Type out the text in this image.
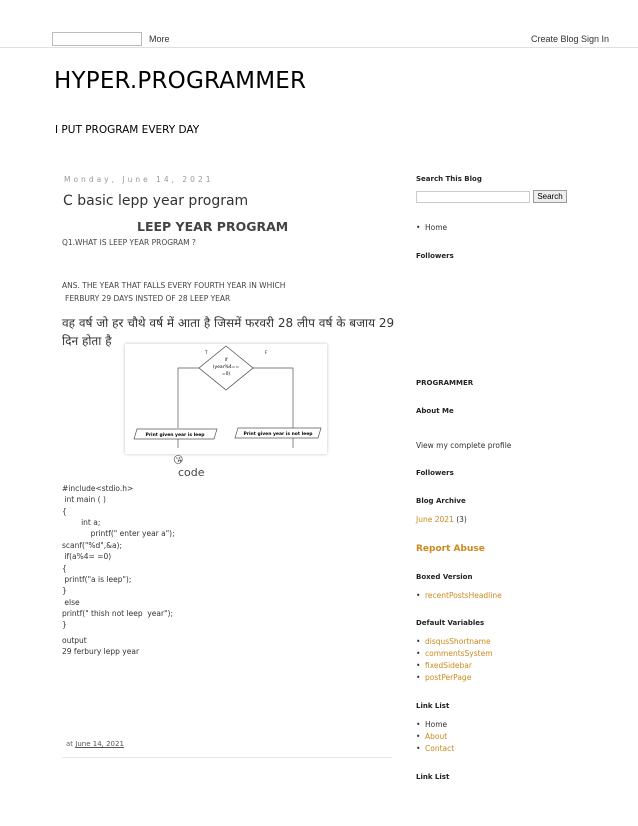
More	Create Blog Sign In
HYPER.PROGRAMMER
I PUT PROGRAM EVERY DAY
Monday, June 14, 2021
C basic lepp year program
LEEP YEAR PROGRAM
Q1.WHAT IS LEEP YEAR PROGRAM ?
ANS. THE YEAR THAT FALLS EVERY FOURTH YEAR IN WHICH
FERBURY 29 DAYS INSTED OF 28 LEEP YEAR
वह वर्ष जो हर चौथे वर्ष में आता है जिसमें फरवरी 28 लीप वर्ष के बजाय 29 दिन होता है
if
(year%4==
=0)
T	F
Print given year is leep	Print given year is not leep
😘
code
#include<stdio.h>
int main ( )
{
int a;
printf(" enter year a");
scanf("%d",&a);
if(a%4= =0)
{
printf("a is leep");
}
else
printf(" thish not leep  year");
}
output
29 ferbury lepp year
at June 14, 2021
Search This Blog
Search
• Home
Followers
PROGRAMMER
About Me
View my complete profile
Followers
Blog Archive
June 2021 (3)
Report Abuse
Boxed Version
• recentPostsHeadline
Default Variables
• disqusShortname
• commentsSystem
• fixedSidebar
• postPerPage
Link List
• Home
• About
• Contact
Link List
